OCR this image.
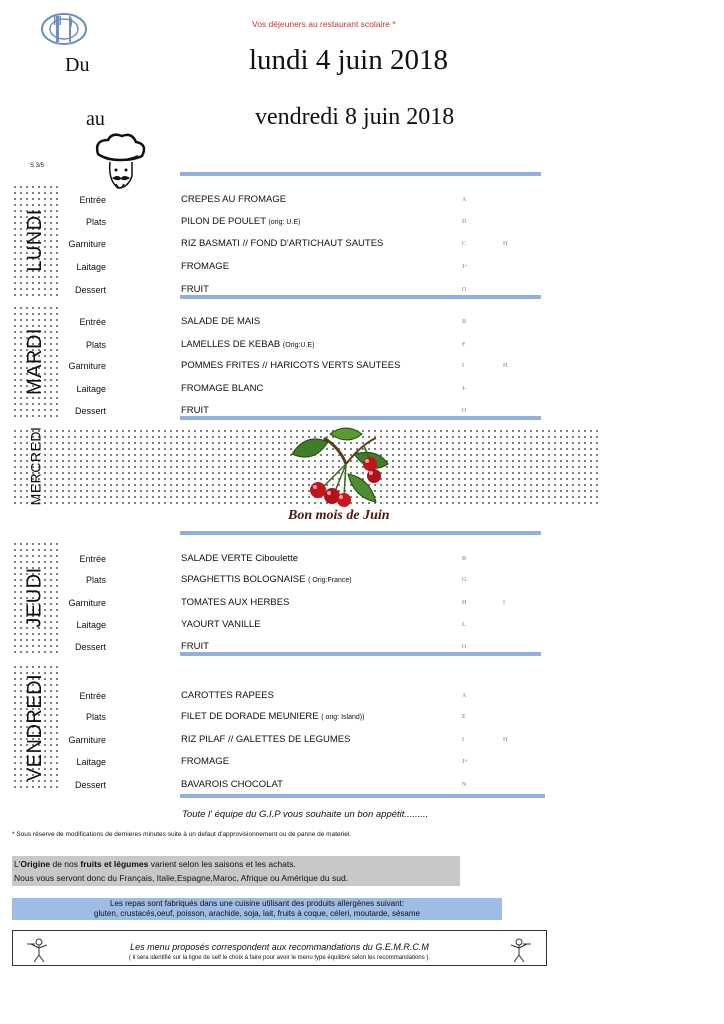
Vos déjeuners au restaurant scolaire *
Du	lundi 4 juin 2018
au	vendredi 8 juin 2018
S 3/5
LUNDI
Entrée	CREPES AU FROMAGE	A
Plats	PILON DE POULET (orig: U.E)	D
Garniture	RIZ BASMATI // FOND D'ARTICHAUT SAUTES	C	H
Laitage	FROMAGE	J+
Dessert	FRUIT	O
MARDI
Entrée	SALADE DE MAIS	B
Plats	LAMELLES DE KEBAB (Orig:U.E)	F
Garniture	POMMES FRITES // HARICOTS VERTS SAUTEES	I	H
Laitage	FROMAGE BLANC	J-
Dessert	FRUIT	O
MERCREDI
Bon mois de Juin
JEUDI
Entrée	SALADE VERTE Ciboulette	B
Plats	SPAGHETTIS BOLOGNAISE ( Orig:France)	G
Garniture	TOMATES AUX HERBES	H	I
Laitage	YAOURT VANILLE	L
Dessert	FRUIT	O
VENDREDI	Entrée	CAROTTES RAPEES	A
Plats	FILET DE DORADE MEUNIERE ( orig: Island))	E
Garniture	RIZ PILAF // GALETTES DE LEGUMES	I	H
Laitage	FROMAGE	J+
Dessert	BAVAROIS CHOCOLAT	N
Toute l' équipe du G.I.P vous souhaite un bon appétit.........
* Sous réserve de modifications de dernieres minutes suite à un defaut d'approvisionnement ou de panne de materiel.
L'Origine de nos fruits et légumes varient selon les saisons et les achats.
Nous vous servont donc du Français, Italie,Espagne,Maroc, Afrique ou Amérique du sud.
Les repas sont fabriqués dans une cuisine utilisant des produits allergènes suivant:
gluten, crustacés,oeuf, poisson, arachide, soja, lait, fruits à coque, céleri, moutarde, sésame
Les menu proposés correspondent aux recommandations du G.E.M.R.C.M
( il sera identifié sur la ligne de self le choix à faire pour avoir le menu type équilibré selon les recommandations ).
